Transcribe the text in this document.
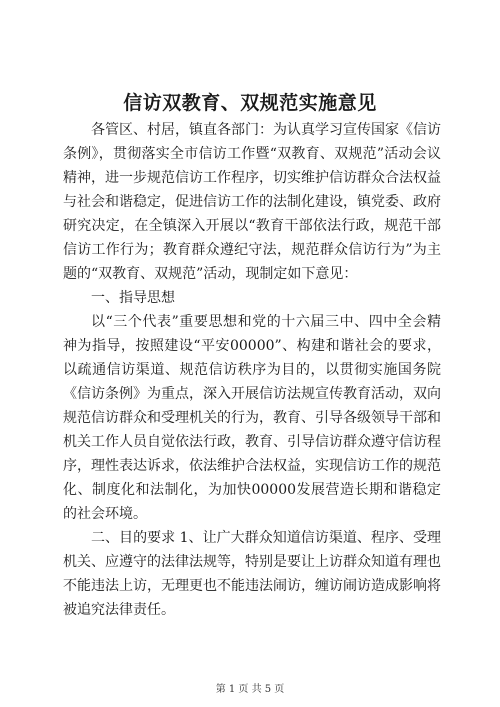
信访双教育、双规范实施意见

各管区、村居，镇直各部门：为认真学习宣传国家《信访条例》，贯彻落实全市信访工作暨“双教育、双规范”活动会议精神，进一步规范信访工作程序，切实维护信访群众合法权益与社会和谐稳定，促进信访工作的法制化建设，镇党委、政府研究决定，在全镇深入开展以“教育干部依法行政，规范干部信访工作行为；教育群众遵纪守法，规范群众信访行为”为主题的“双教育、双规范”活动，现制定如下意见：

一、指导思想

以“三个代表”重要思想和党的十六届三中、四中全会精神为指导，按照建设“平安00000”、构建和谐社会的要求，以疏通信访渠道、规范信访秩序为目的，以贯彻实施国务院《信访条例》为重点，深入开展信访法规宣传教育活动，双向规范信访群众和受理机关的行为，教育、引导各级领导干部和机关工作人员自觉依法行政，教育、引导信访群众遵守信访程序，理性表达诉求，依法维护合法权益，实现信访工作的规范化、制度化和法制化，为加快00000发展营造长期和谐稳定的社会环境。

二、目的要求 1、让广大群众知道信访渠道、程序、受理机关、应遵守的法律法规等，特别是要让上访群众知道有理也不能违法上访，无理更也不能违法闹访，缠访闹访造成影响将被追究法律责任。

第 1 页 共 5 页
